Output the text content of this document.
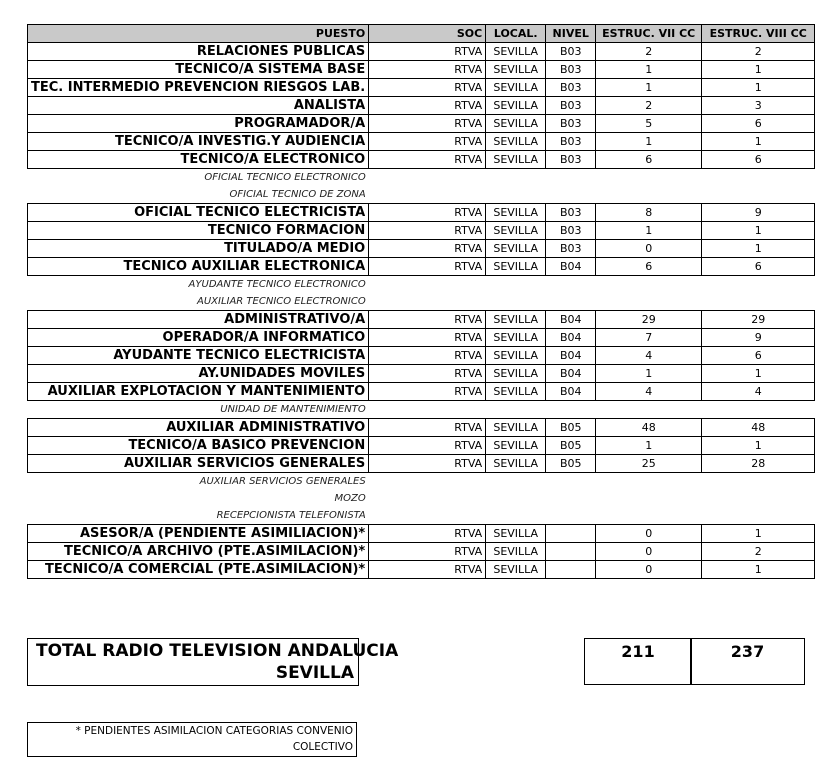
PUESTO	SOC	LOCAL.	NIVEL	ESTRUC. VII CC	ESTRUC. VIII CC
RELACIONES PUBLICAS	RTVA	SEVILLA	B03	2	2
TECNICO/A SISTEMA BASE	RTVA	SEVILLA	B03	1	1
TEC. INTERMEDIO PREVENCION RIESGOS LAB.	RTVA	SEVILLA	B03	1	1
ANALISTA	RTVA	SEVILLA	B03	2	3
PROGRAMADOR/A	RTVA	SEVILLA	B03	5	6
TECNICO/A INVESTIG.Y AUDIENCIA	RTVA	SEVILLA	B03	1	1
TECNICO/A ELECTRONICO	RTVA	SEVILLA	B03	6	6
OFICIAL TECNICO ELECTRONICO					
OFICIAL TECNICO DE ZONA					
OFICIAL TECNICO ELECTRICISTA	RTVA	SEVILLA	B03	8	9
TECNICO FORMACION	RTVA	SEVILLA	B03	1	1
TITULADO/A MEDIO	RTVA	SEVILLA	B03	0	1
TECNICO AUXILIAR ELECTRONICA	RTVA	SEVILLA	B04	6	6
AYUDANTE TECNICO ELECTRONICO					
AUXILIAR TECNICO ELECTRONICO					
ADMINISTRATIVO/A	RTVA	SEVILLA	B04	29	29
OPERADOR/A INFORMATICO	RTVA	SEVILLA	B04	7	9
AYUDANTE TECNICO ELECTRICISTA	RTVA	SEVILLA	B04	4	6
AY.UNIDADES MOVILES	RTVA	SEVILLA	B04	1	1
AUXILIAR EXPLOTACION Y MANTENIMIENTO	RTVA	SEVILLA	B04	4	4
UNIDAD DE MANTENIMIENTO					
AUXILIAR ADMINISTRATIVO	RTVA	SEVILLA	B05	48	48
TECNICO/A BASICO PREVENCION	RTVA	SEVILLA	B05	1	1
AUXILIAR SERVICIOS GENERALES	RTVA	SEVILLA	B05	25	28
AUXILIAR SERVICIOS GENERALES					
MOZO					
RECEPCIONISTA TELEFONISTA					
ASESOR/A (PENDIENTE ASIMILIACION)*	RTVA	SEVILLA		0	1
TECNICO/A ARCHIVO (PTE.ASIMILACION)*	RTVA	SEVILLA		0	2
TECNICO/A COMERCIAL (PTE.ASIMILACION)*	RTVA	SEVILLA		0	1
TOTAL RADIO TELEVISION ANDALUCIA
SEVILLA
211	237
* PENDIENTES ASIMILACION CATEGORIAS CONVENIO
COLECTIVO
